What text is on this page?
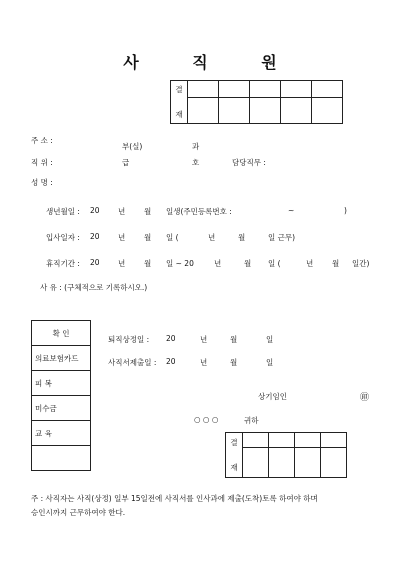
사 직 원
결
재					

주 소 :
부(실)	과
직 위 :	급	호	담당직무 :
성 명 :
생년월일 : 20 년	월 일생(주민등록번호 :	~	)
입사일자 : 20 년	월 일 (	년	월	일 근무)
휴직기간 : 20 년	월 일 ~ 20	년	월 일 (	년	월 일간)
사 유 : (구체적으로 기록하시오.)
확 인
의료보험카드
피 복
미수금
교 육

퇴직상정일 : 20	년	월	일
사직서제출일 : 20	년	월	일
상기임인	㊞
○ ○ ○	귀하
결
재				

주 : 사직자는 사직(상정) 일부 15일전에 사직서를 인사과에 제출(도착)토록 하여야 하며
승인시까지 근무하여야 한다.
